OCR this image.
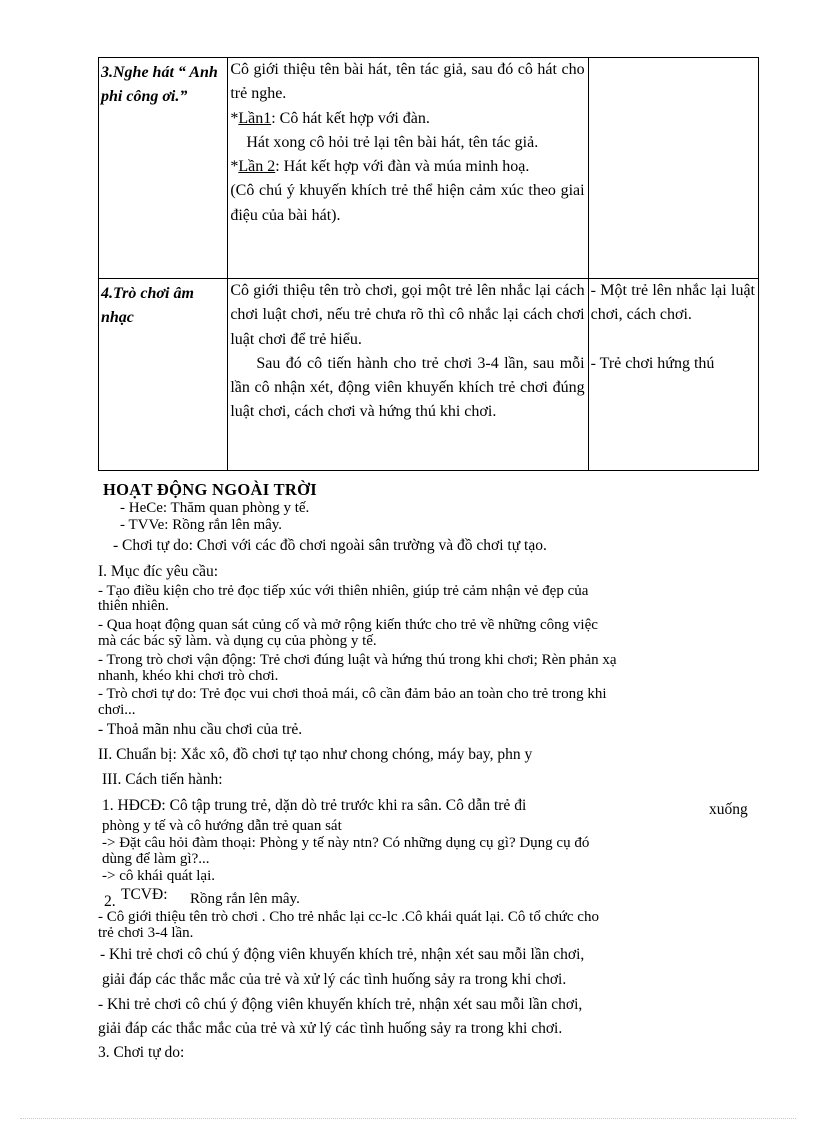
3.Nghe hát “ Anh phi công ơi.”	Cô giới thiệu tên bài hát, tên tác giả, sau đó cô hát cho trẻ nghe.
*Lần1: Cô hát kết hợp với đàn.
Hát xong cô hỏi trẻ lại tên bài hát, tên tác giả.
*Lần 2: Hát kết hợp với đàn và múa minh hoạ.
(Cô chú ý khuyến khích trẻ thể hiện cảm xúc theo giai điệu của bài hát).	

4.Trò chơi âm nhạc	Cô giới thiệu tên trò chơi, gọi một trẻ lên nhắc lại cách chơi luật chơi, nếu trẻ chưa rõ thì cô nhắc lại cách chơi luật chơi để trẻ hiểu.
Sau đó cô tiến hành cho trẻ chơi 3-4 lần, sau mỗi lần cô nhận xét, động viên khuyến khích trẻ chơi đúng luật chơi, cách chơi và hứng thú khi chơi.	- Một trẻ lên nhắc lại luật chơi, cách chơi.
- Trẻ chơi hứng thú
HOẠT ĐỘNG NGOÀI TRỜI
- HeCe: Thăm quan phòng y tế.
- TVVe: Rồng rắn lên mây.
- Chơi tự do: Chơi với các đồ chơi ngoài sân trường và đồ chơi tự tạo.
I. Mục đíc yêu cầu:
- Tạo điều kiện cho trẻ đọc tiếp xúc với thiên nhiên, giúp trẻ cảm nhận vẻ đẹp của
thiên nhiên.
- Qua hoạt động quan sát củng cố và mở rộng kiến thức cho trẻ về những công việc
mà các bác sỹ làm. và dụng cụ của phòng y tế.
- Trong trò chơi vận động: Trẻ chơi đúng luật và hứng thú trong khi chơi; Rèn phản xạ
nhanh, khéo khi chơi trò chơi.
- Trò chơi tự do: Trẻ đọc vui chơi thoả mái, cô cần đảm bảo an toàn cho trẻ trong khi
chơi...
- Thoả mãn nhu cầu chơi của trẻ.
II. Chuẩn bị: Xắc xô, đồ chơi tự tạo như chong chóng, máy bay, phn y
III. Cách tiến hành:
1. HĐCĐ: Cô tập trung trẻ, dặn dò trẻ trước khi ra sân. Cô dẫn trẻ đi	xuống
phòng y tế và cô hướng dẫn trẻ quan sát
-> Đặt câu hỏi đàm thoại: Phòng y tế này ntn? Có những dụng cụ gì? Dụng cụ đó
dùng để làm gì?...
-> cô khái quát lại.
2. TCVĐ: Rồng rắn lên mây.
- Cô giới thiệu tên trò chơi . Cho trẻ nhắc lại cc-lc .Cô khái quát lại. Cô tổ chức cho
trẻ chơi 3-4 lần.
- Khi trẻ chơi cô chú ý động viên khuyến khích trẻ, nhận xét sau mỗi lần chơi,
giải đáp các thắc mắc của trẻ và xử lý các tình huống sảy ra trong khi chơi.
- Khi trẻ chơi cô chú ý động viên khuyến khích trẻ, nhận xét sau mỗi lần chơi,
giải đáp các thắc mắc của trẻ và xử lý các tình huống sảy ra trong khi chơi.
3. Chơi tự do:
